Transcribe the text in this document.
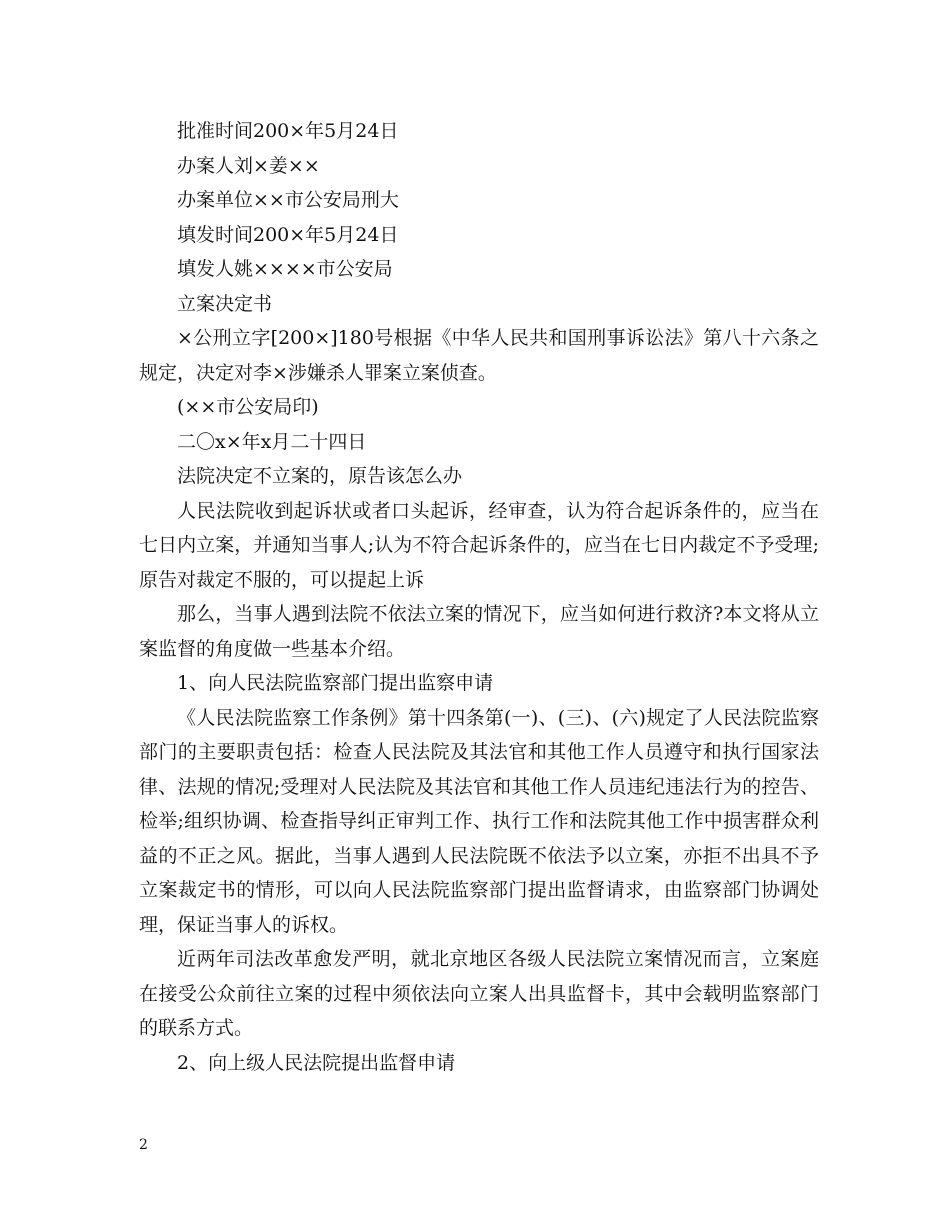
批准时间200×年5月24日

办案人刘×姜××

办案单位××市公安局刑大

填发时间200×年5月24日

填发人姚××××市公安局

立案决定书

×公刑立字[200×]180号根据《中华人民共和国刑事诉讼法》第八十六条之规定，决定对李×涉嫌杀人罪案立案侦查。

(××市公安局印)

二〇x×年x月二十四日

法院决定不立案的，原告该怎么办

人民法院收到起诉状或者口头起诉，经审查，认为符合起诉条件的，应当在七日内立案，并通知当事人;认为不符合起诉条件的，应当在七日内裁定不予受理;原告对裁定不服的，可以提起上诉

那么，当事人遇到法院不依法立案的情况下，应当如何进行救济?本文将从立案监督的角度做一些基本介绍。

1、向人民法院监察部门提出监察申请

《人民法院监察工作条例》第十四条第(一)、(三)、(六)规定了人民法院监察部门的主要职责包括：检查人民法院及其法官和其他工作人员遵守和执行国家法律、法规的情况;受理对人民法院及其法官和其他工作人员违纪违法行为的控告、检举;组织协调、检查指导纠正审判工作、执行工作和法院其他工作中损害群众利益的不正之风。据此，当事人遇到人民法院既不依法予以立案，亦拒不出具不予立案裁定书的情形，可以向人民法院监察部门提出监督请求，由监察部门协调处理，保证当事人的诉权。

近两年司法改革愈发严明，就北京地区各级人民法院立案情况而言，立案庭在接受公众前往立案的过程中须依法向立案人出具监督卡，其中会载明监察部门的联系方式。

2、向上级人民法院提出监督申请

2
